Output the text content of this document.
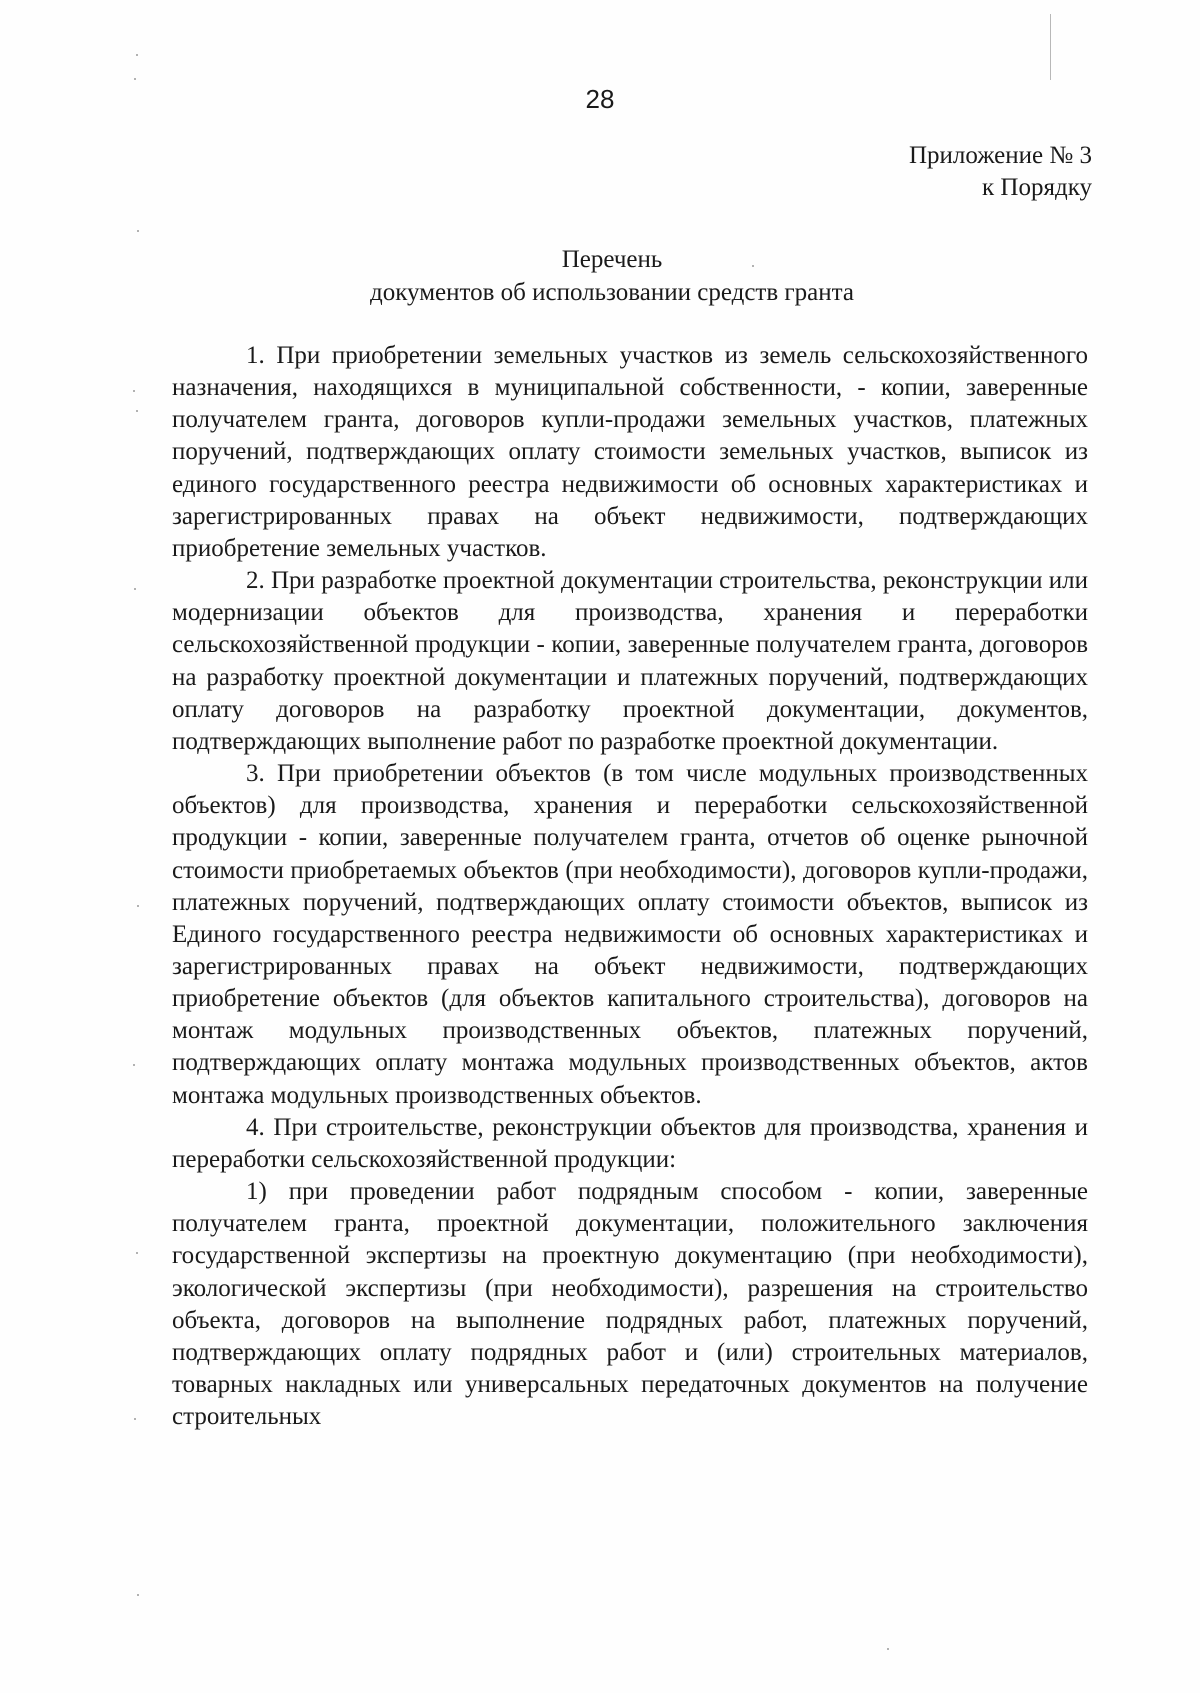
28
Приложение № 3
к Порядку
Перечень
документов об использовании средств гранта

1. При приобретении земельных участков из земель сельскохозяйственного назначения, находящихся в муниципальной собственности, - копии, заверенные получателем гранта, договоров купли-продажи земельных участков, платежных поручений, подтверждающих оплату стоимости земельных участков, выписок из единого государственного реестра недвижимости об основных характеристиках и зарегистрированных правах на объект недвижимости, подтверждающих приобретение земельных участков.

2. При разработке проектной документации строительства, реконструкции или модернизации объектов для производства, хранения и переработки сельскохозяйственной продукции - копии, заверенные получателем гранта, договоров на разработку проектной документации и платежных поручений, подтверждающих оплату договоров на разработку проектной документации, документов, подтверждающих выполнение работ по разработке проектной документации.

3. При приобретении объектов (в том числе модульных производственных объектов) для производства, хранения и переработки сельскохозяйственной продукции - копии, заверенные получателем гранта, отчетов об оценке рыночной стоимости приобретаемых объектов (при необходимости), договоров купли-продажи, платежных поручений, подтверждающих оплату стоимости объектов, выписок из Единого государственного реестра недвижимости об основных характеристиках и зарегистрированных правах на объект недвижимости, подтверждающих приобретение объектов (для объектов капитального строительства), договоров на монтаж модульных производственных объектов, платежных поручений, подтверждающих оплату монтажа модульных производственных объектов, актов монтажа модульных производственных объектов.

4. При строительстве, реконструкции объектов для производства, хранения и переработки сельскохозяйственной продукции:

1) при проведении работ подрядным способом - копии, заверенные получателем гранта, проектной документации, положительного заключения государственной экспертизы на проектную документацию (при необходимости), экологической экспертизы (при необходимости), разрешения на строительство объекта, договоров на выполнение подрядных работ, платежных поручений, подтверждающих оплату подрядных работ и (или) строительных материалов, товарных накладных или универсальных передаточных документов на получение строительных
